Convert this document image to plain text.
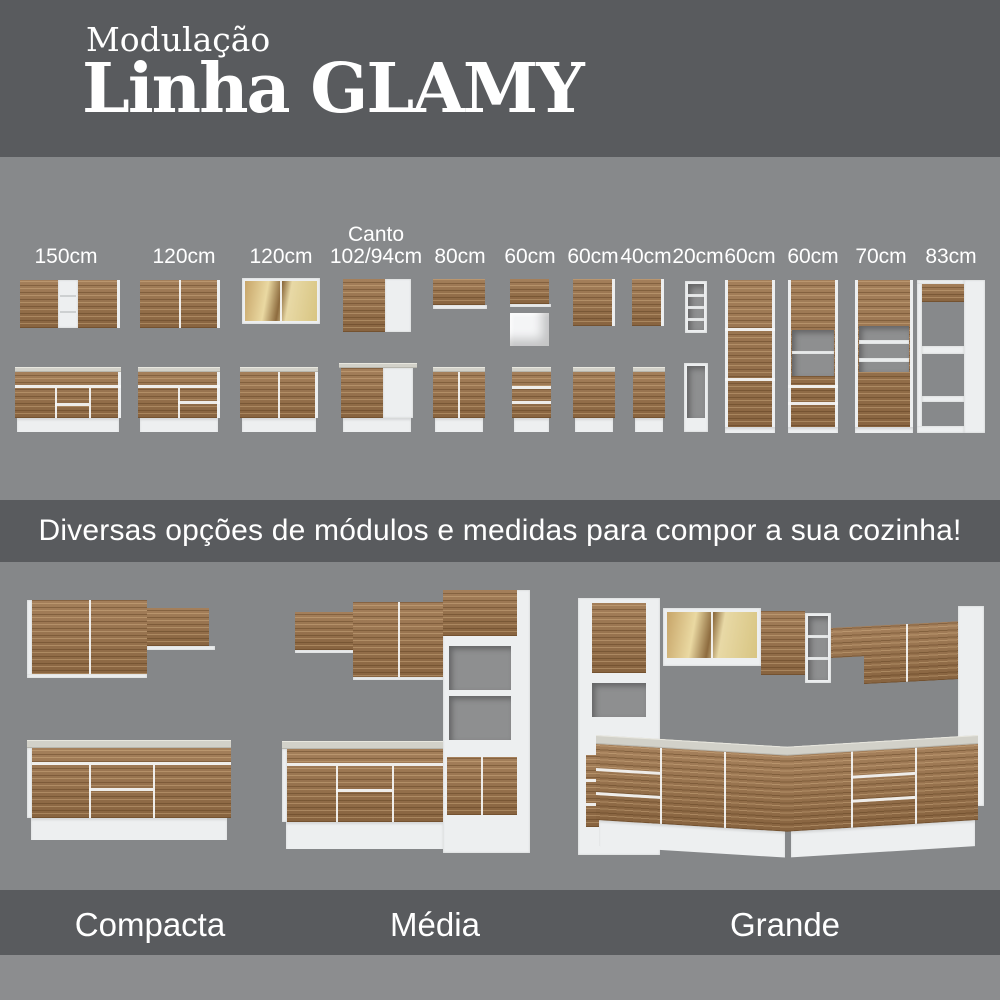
Modulação
Linha GLAMY
150cm	120cm 120cm
Canto
102/94cm 80cm 60cm 60cm 40cm 20cm 60cm 60cm 70cm 83cm
Diversas opções de módulos e medidas para compor a sua cozinha!
Compacta	Média	Grande
